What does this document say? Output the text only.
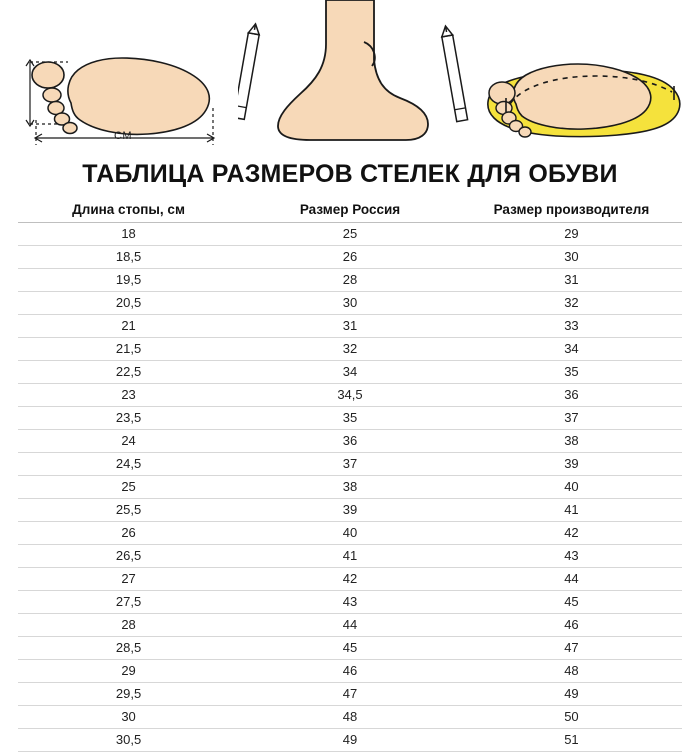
СМ
ТАБЛИЦА РАЗМЕРОВ СТЕЛЕК ДЛЯ ОБУВИ
Длина стопы, см	Размер Россия	Размер производителя
18	25	29
18,5	26	30
19,5	28	31
20,5	30	32
21	31	33
21,5	32	34
22,5	34	35
23	34,5	36
23,5	35	37
24	36	38
24,5	37	39
25	38	40
25,5	39	41
26	40	42
26,5	41	43
27	42	44
27,5	43	45
28	44	46
28,5	45	47
29	46	48
29,5	47	49
30	48	50
30,5	49	51
